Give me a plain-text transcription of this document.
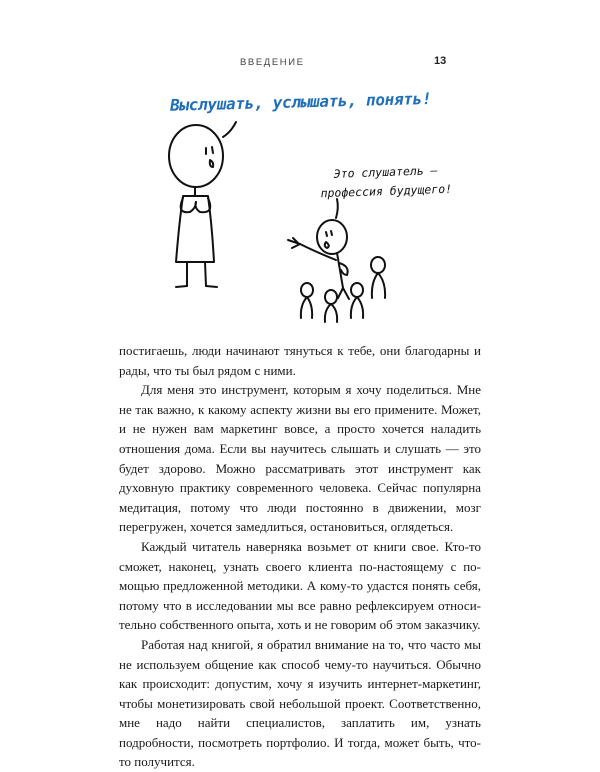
ВВЕДЕНИЕ	13
Выслушать, услышать, понять!
Это слушатель —
профессия будущего!

постигаешь, люди начинают тянуться к тебе, они благодарны и рады, что ты был рядом с ними.

Для меня это инструмент, которым я хочу поделиться. Мне не так важно, к какому аспекту жизни вы его примените. Может, и не нужен вам маркетинг вовсе, а просто хочется наладить отношения дома. Если вы научитесь слышать и слушать — это будет здорово. Можно рассматривать этот инструмент как духовную практику современного человека. Сейчас популярна медитация, потому что люди постоянно в движении, мозг перегружен, хочется замедлиться, остановиться, оглядеться.

Каждый читатель наверняка возьмет от книги свое. Кто-то сможет, наконец, узнать своего клиента по-настоящему с помощью предложенной методики. А кому-то удастся понять себя, потому что в исследовании мы все равно рефлексируем относительно собственного опыта, хоть и не говорим об этом заказчику.

Работая над книгой, я обратил внимание на то, что часто мы не используем общение как способ чему-то научиться. Обычно как происходит: допустим, хочу я изучить интернет-маркетинг, чтобы монетизировать свой небольшой проект. Соответственно, мне надо найти специалистов, заплатить им, узнать подробности, посмотреть портфолио. И тогда, может быть, что-то получится.
